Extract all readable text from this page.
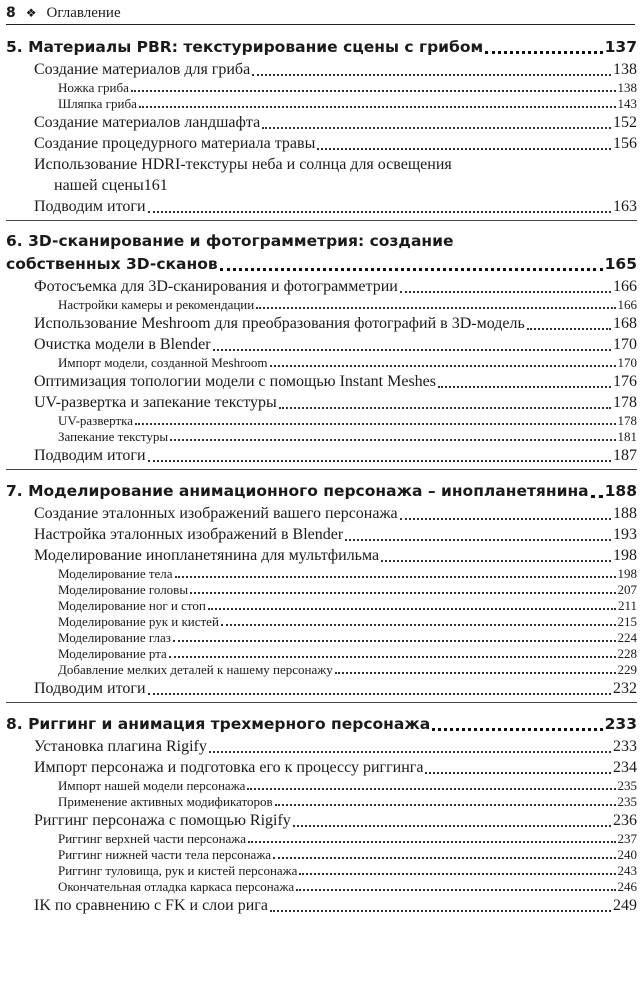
8 ❖ Оглавление
5. Материалы PBR: текстурирование сцены с грибом	137
Создание материалов для гриба	138
Ножка гриба	138
Шляпка гриба	143
Создание материалов ландшафта	152
Создание процедурного материала травы	156
Использование HDRI-текстуры неба и солнца для освещения
нашей сцены 161
Подводим итоги	163
6. 3D-сканирование и фотограмметрия: создание
собственных 3D-сканов	165
Фотосъемка для 3D-сканирования и фотограмметрии	166
Настройки камеры и рекомендации	166
Использование Meshroom для преобразования фотографий в 3D-модель	168
Очистка модели в Blender	170
Импорт модели, созданной Meshroom	170
Оптимизация топологии модели с помощью Instant Meshes	176
UV-развертка и запекание текстуры	178
UV-развертка	178
Запекание текстуры	181
Подводим итоги	187
7. Моделирование анимационного персонажа – инопланетянина 188
Создание эталонных изображений вашего персонажа	188
Настройка эталонных изображений в Blender	193
Моделирование инопланетянина для мультфильма	198
Моделирование тела	198
Моделирование головы	207
Моделирование ног и стоп	211
Моделирование рук и кистей	215
Моделирование глаз	224
Моделирование рта	228
Добавление мелких деталей к нашему персонажу	229
Подводим итоги	232
8. Риггинг и анимация трехмерного персонажа	233
Установка плагина Rigify	233
Импорт персонажа и подготовка его к процессу риггинга	234
Импорт нашей модели персонажа	235
Применение активных модификаторов	235
Риггинг персонажа с помощью Rigify	236
Риггинг верхней части персонажа	237
Риггинг нижней части тела персонажа	240
Риггинг туловища, рук и кистей персонажа	243
Окончательная отладка каркаса персонажа	246
IK по сравнению с FK и слои рига	249
